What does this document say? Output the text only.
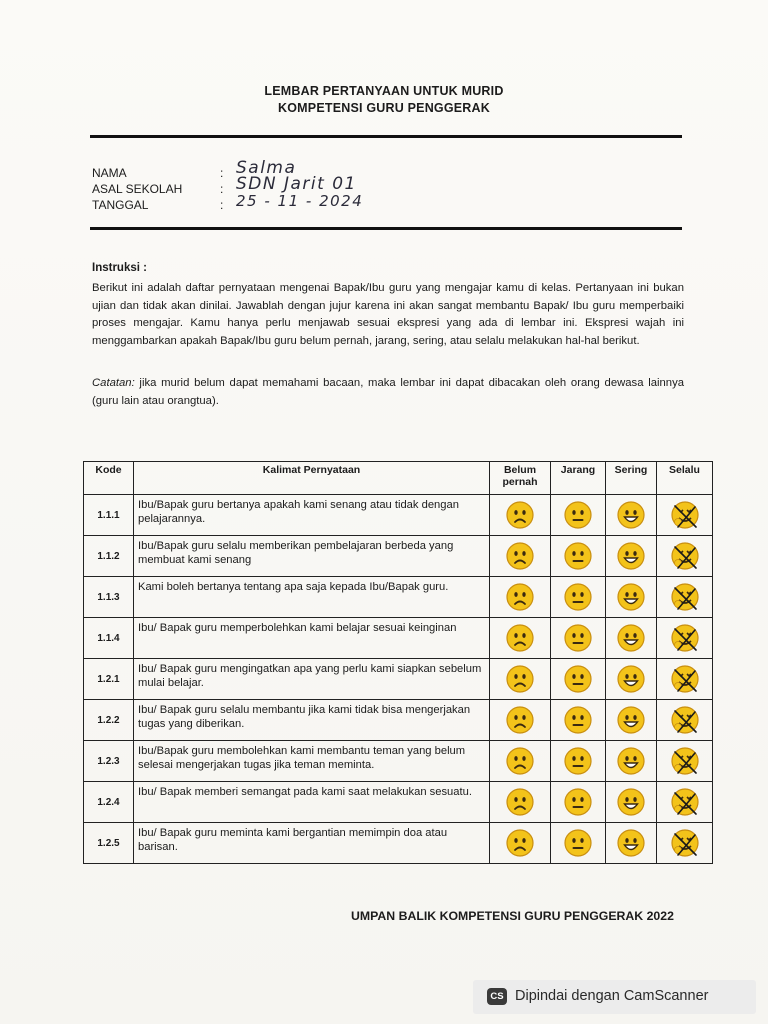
LEMBAR PERTANYAAN UNTUK MURID
KOMPETENSI GURU PENGGERAK
NAMA	: Salma
ASAL SEKOLAH	: SDN Jarit 01
TANGGAL	: 25 - 11 - 2024
Instruksi :
Berikut ini adalah daftar pernyataan mengenai Bapak/Ibu guru yang mengajar kamu di kelas. Pertanyaan ini bukan ujian dan tidak akan dinilai. Jawablah dengan jujur karena ini akan sangat membantu Bapak/ Ibu guru memperbaiki proses mengajar. Kamu hanya perlu menjawab sesuai ekspresi yang ada di lembar ini. Ekspresi wajah ini menggambarkan apakah Bapak/Ibu guru belum pernah, jarang, sering, atau selalu melakukan hal-hal berikut.
Catatan: jika murid belum dapat memahami bacaan, maka lembar ini dapat dibacakan oleh orang dewasa lainnya (guru lain atau orangtua).
Kode	Kalimat Pernyataan	Belum pernah	Jarang	Sering	Selalu
1.1.1	Ibu/Bapak guru bertanya apakah kami senang atau tidak dengan pelajarannya.				
1.1.2	Ibu/Bapak guru selalu memberikan pembelajaran berbeda yang membuat kami senang				
1.1.3	Kami boleh bertanya tentang apa saja kepada Ibu/Bapak guru.				
1.1.4	Ibu/ Bapak guru memperbolehkan kami belajar sesuai keinginan				
1.2.1	Ibu/ Bapak guru mengingatkan apa yang perlu kami siapkan sebelum mulai belajar.				
1.2.2	Ibu/ Bapak guru selalu membantu jika kami tidak bisa mengerjakan tugas yang diberikan.				
1.2.3	Ibu/Bapak guru membolehkan kami membantu teman yang belum selesai mengerjakan tugas jika teman meminta.				
1.2.4	Ibu/ Bapak memberi semangat pada kami saat melakukan sesuatu.				
1.2.5	Ibu/ Bapak guru meminta kami bergantian memimpin doa atau barisan.				
UMPAN BALIK KOMPETENSI GURU PENGGERAK 2022
CS Dipindai dengan CamScanner
